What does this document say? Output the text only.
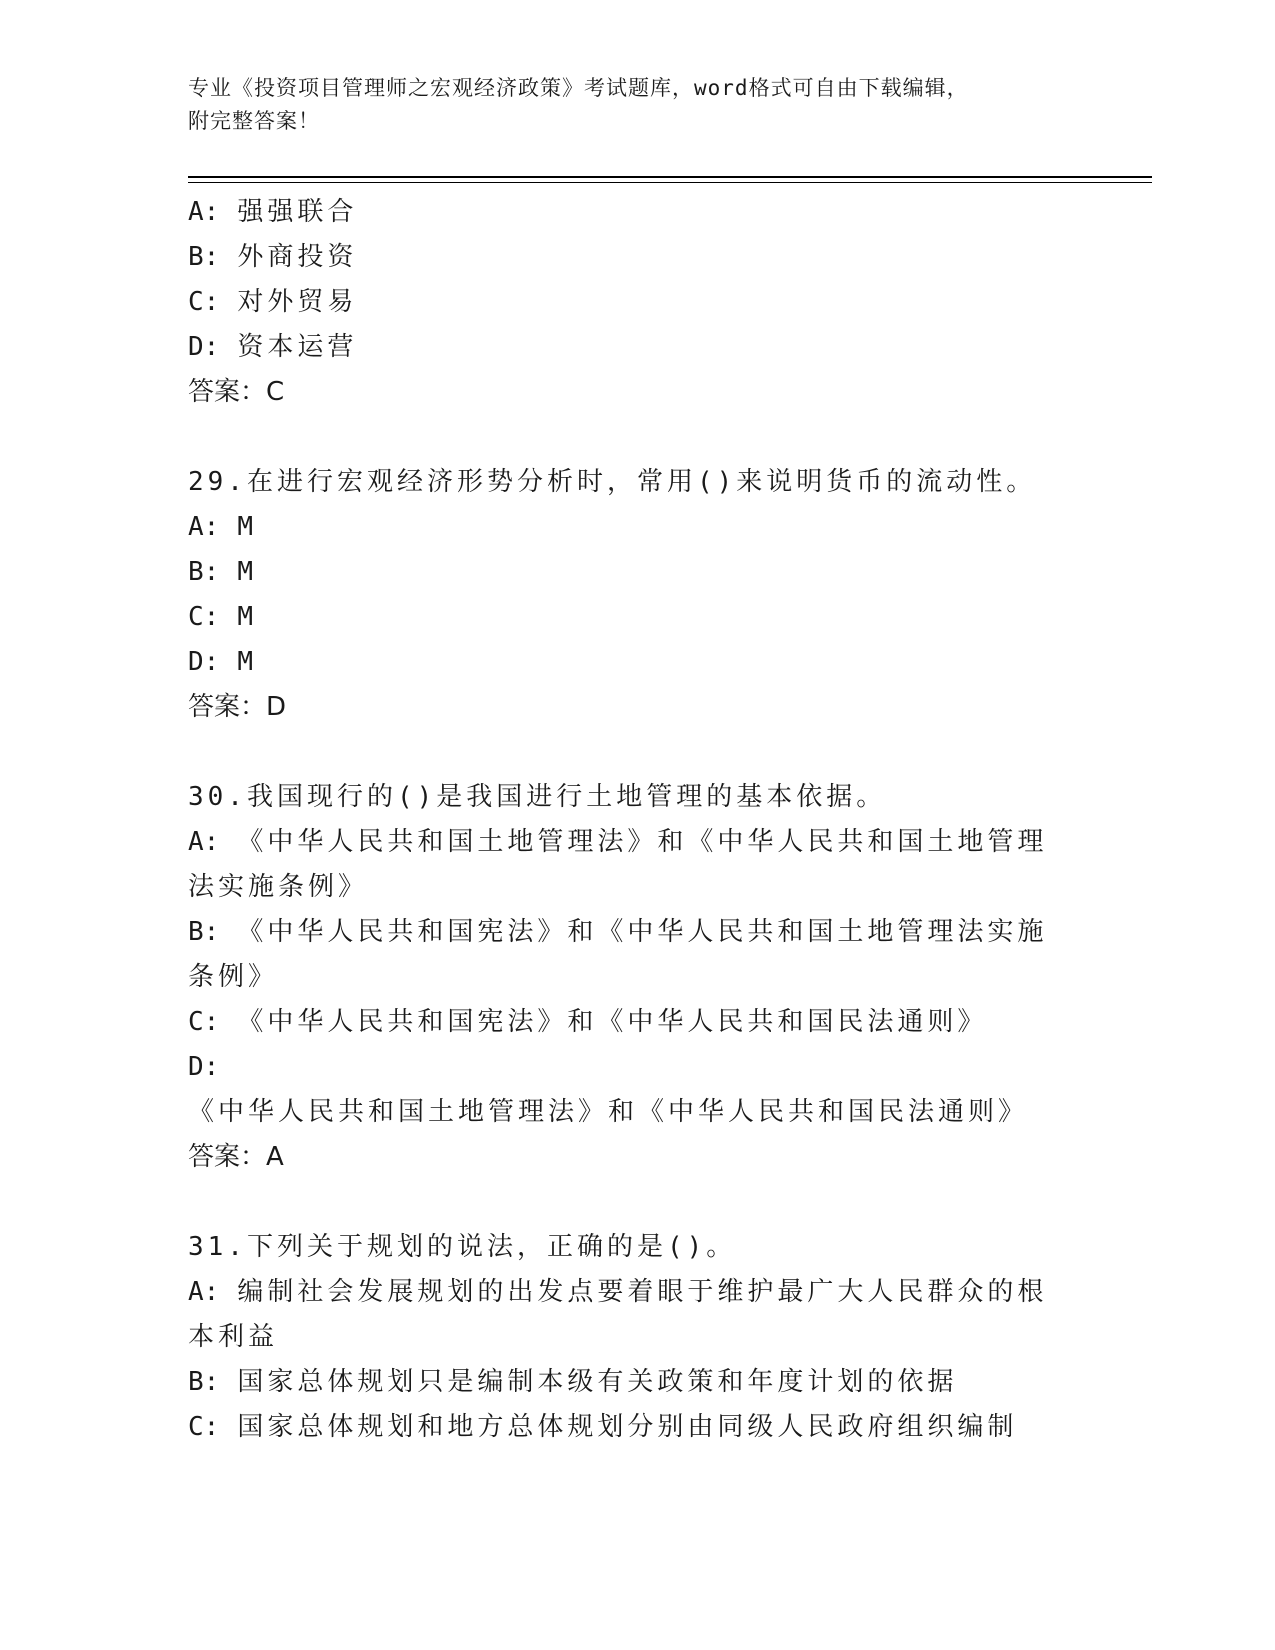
专业《投资项目管理师之宏观经济政策》考试题库，word格式可自由下载编辑，
附完整答案！
A: 强强联合
B: 外商投资
C: 对外贸易
D: 资本运营
答案：C
29.在进行宏观经济形势分析时，常用()来说明货币的流动性。
A: M
B: M
C: M
D: M
答案：D
30.我国现行的()是我国进行土地管理的基本依据。
A: 《中华人民共和国土地管理法》和《中华人民共和国土地管理法实施条例》
B: 《中华人民共和国宪法》和《中华人民共和国土地管理法实施条例》
C: 《中华人民共和国宪法》和《中华人民共和国民法通则》
D:《中华人民共和国土地管理法》和《中华人民共和国民法通则》
答案：A
31.下列关于规划的说法，正确的是()。
A: 编制社会发展规划的出发点要着眼于维护最广大人民群众的根本利益
B: 国家总体规划只是编制本级有关政策和年度计划的依据
C: 国家总体规划和地方总体规划分别由同级人民政府组织编制
